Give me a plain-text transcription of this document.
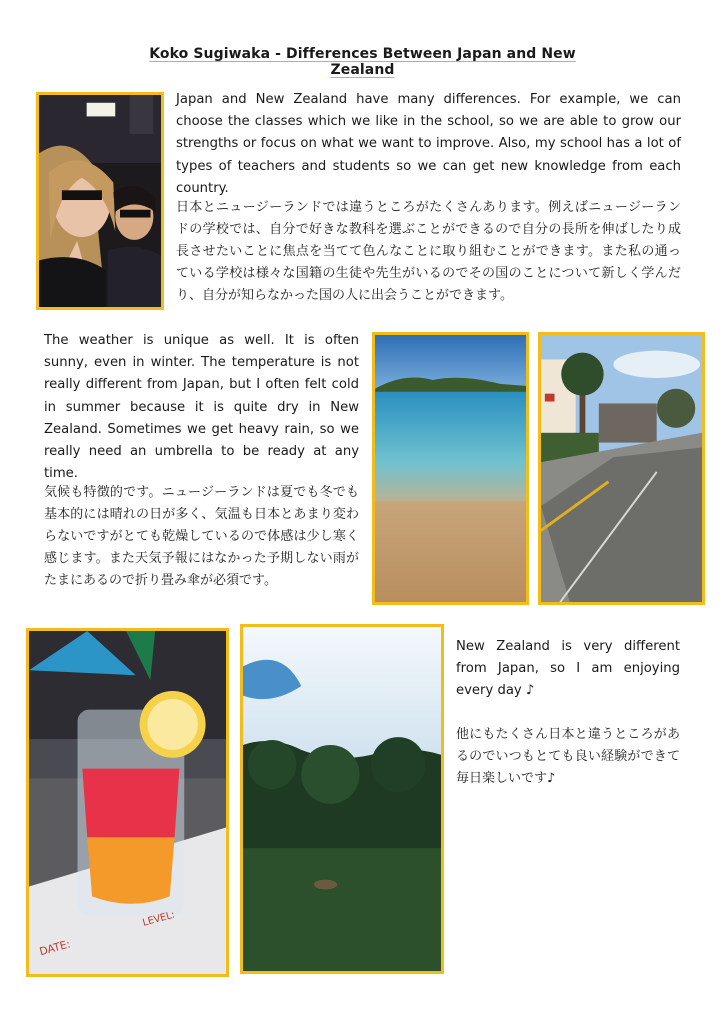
Koko Sugiwaka - Differences Between Japan and New Zealand
Japan and New Zealand have many differences. For example, we can choose the classes which we like in the school, so we are able to grow our strengths or focus on what we want to improve. Also, my school has a lot of types of teachers and students so we can get new knowledge from each country.
日本とニュージーランドでは違うところがたくさんあります。例えばニュージーランドの学校では、自分で好きな教科を選ぶことができるので自分の長所を伸ばしたり成長させたいことに焦点を当てて色んなことに取り組むことができます。また私の通っている学校は様々な国籍の生徒や先生がいるのでその国のことについて新しく学んだり、自分が知らなかった国の人に出会うことができます。
The weather is unique as well. It is often sunny, even in winter. The temperature is not really different from Japan, but I often felt cold in summer because it is quite dry in New Zealand. Sometimes we get heavy rain, so we really need an umbrella to be ready at any time.
気候も特徴的です。ニュージーランドは夏でも冬でも基本的には晴れの日が多く、気温も日本とあまり変わらないですがとても乾燥しているので体感は少し寒く感じます。また天気予報にはなかった予期しない雨がたまにあるので折り畳み傘が必須です。
DATE:
LEVEL:
New Zealand is very different from Japan, so I am enjoying every day ♪
他にもたくさん日本と違うところがあるのでいつもとても良い経験ができて毎日楽しいです♪
